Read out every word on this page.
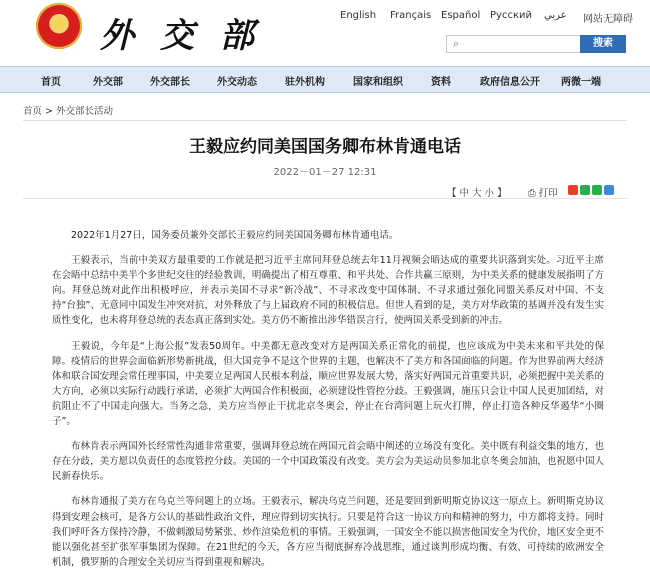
★ 外交部
English Français Español Русский عربي 网站无障碍
⌕	搜索
首页	外交部	外交部长	外交动态	驻外机构	国家和组织	资料	政府信息公开 两微一端
首页 > 外交部长活动
王毅应约同美国国务卿布林肯通电话
2022－01－27 12:31
【 中 大 小 】 ⎙ 打印

2022年1月27日，国务委员兼外交部长王毅应约同美国国务卿布林肯通电话。

王毅表示，当前中美双方最重要的工作就是把习近平主席同拜登总统去年11月视频会晤达成的重要共识落到实处。习近平主席在会晤中总结中美半个多世纪交往的经验教训，明确提出了相互尊重、和平共处、合作共赢三原则，为中美关系的健康发展指明了方向。拜登总统对此作出积极呼应，并表示美国不寻求“新冷战”、不寻求改变中国体制、不寻求通过强化同盟关系反对中国、不支持“台独”、无意同中国发生冲突对抗，对外释放了与上届政府不同的积极信息。但世人看到的是，美方对华政策的基调并没有发生实质性变化，也未将拜登总统的表态真正落到实处。美方仍不断推出涉华错误言行，使两国关系受到新的冲击。

王毅说，今年是“上海公报”发表50周年。中美都无意改变对方是两国关系正常化的前提，也应该成为中美未来和平共处的保障。疫情后的世界会面临新形势新挑战，但大国竞争不是这个世界的主题，也解决不了美方和各国面临的问题。作为世界前两大经济体和联合国安理会常任理事国，中美要立足两国人民根本利益，顺应世界发展大势，落实好两国元首重要共识，必须把握中美关系的大方向，必须以实际行动践行承诺，必须扩大两国合作积极面，必须建设性管控分歧。王毅强调，施压只会让中国人民更加团结，对抗阻止不了中国走向强大。当务之急，美方应当停止干扰北京冬奥会，停止在台湾问题上玩火打牌，停止打造各种反华遏华“小圈子”。

布林肯表示两国外长经常性沟通非常重要，强调拜登总统在两国元首会晤中阐述的立场没有变化。美中既有利益交集的地方，也存在分歧，美方愿以负责任的态度管控分歧。美国的一个中国政策没有改变。美方会为美运动员参加北京冬奥会加油，也祝愿中国人民新春快乐。

布林肯通报了美方在乌克兰等问题上的立场。王毅表示，解决乌克兰问题，还是要回到新明斯克协议这一原点上。新明斯克协议得到安理会核可，是各方公认的基础性政治文件，理应得到切实执行。只要是符合这一协议方向和精神的努力，中方都将支持。同时我们呼吁各方保持冷静，不做刺激局势紧张、炒作渲染危机的事情。王毅强调，一国安全不能以损害他国安全为代价，地区安全更不能以强化甚至扩张军事集团为保障。在21世纪的今天，各方应当彻底摒弃冷战思维，通过谈判形成均衡、有效、可持续的欧洲安全机制，俄罗斯的合理安全关切应当得到重视和解决。
